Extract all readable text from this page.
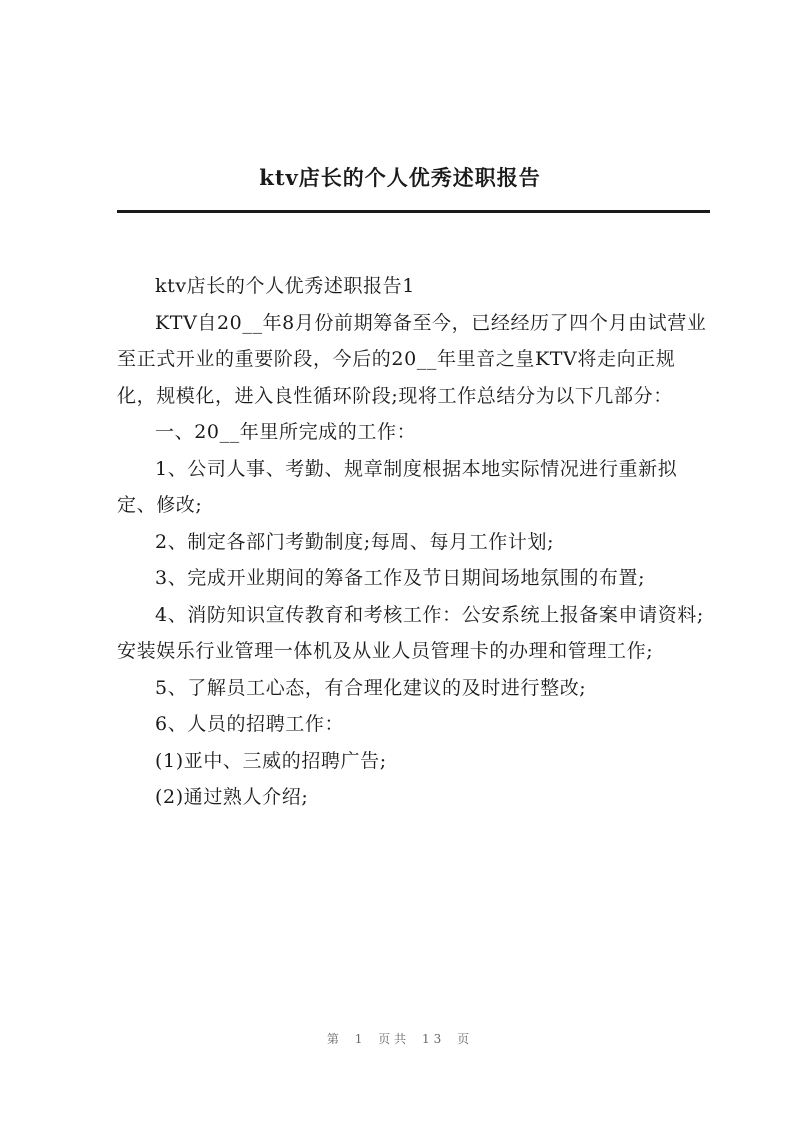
ktv店长的个人优秀述职报告

ktv店长的个人优秀述职报告1

KTV自20__年8月份前期筹备至今，已经经历了四个月由试营业至正式开业的重要阶段，今后的20__年里音之皇KTV将走向正规化，规模化，进入良性循环阶段;现将工作总结分为以下几部分：

一、20__年里所完成的工作：

1、公司人事、考勤、规章制度根据本地实际情况进行重新拟定、修改;

2、制定各部门考勤制度;每周、每月工作计划;

3、完成开业期间的筹备工作及节日期间场地氛围的布置;

4、消防知识宣传教育和考核工作：公安系统上报备案申请资料;安装娱乐行业管理一体机及从业人员管理卡的办理和管理工作;

5、了解员工心态，有合理化建议的及时进行整改;

6、人员的招聘工作：

(1)亚中、三威的招聘广告;

(2)通过熟人介绍;

第 1 页共 13 页
